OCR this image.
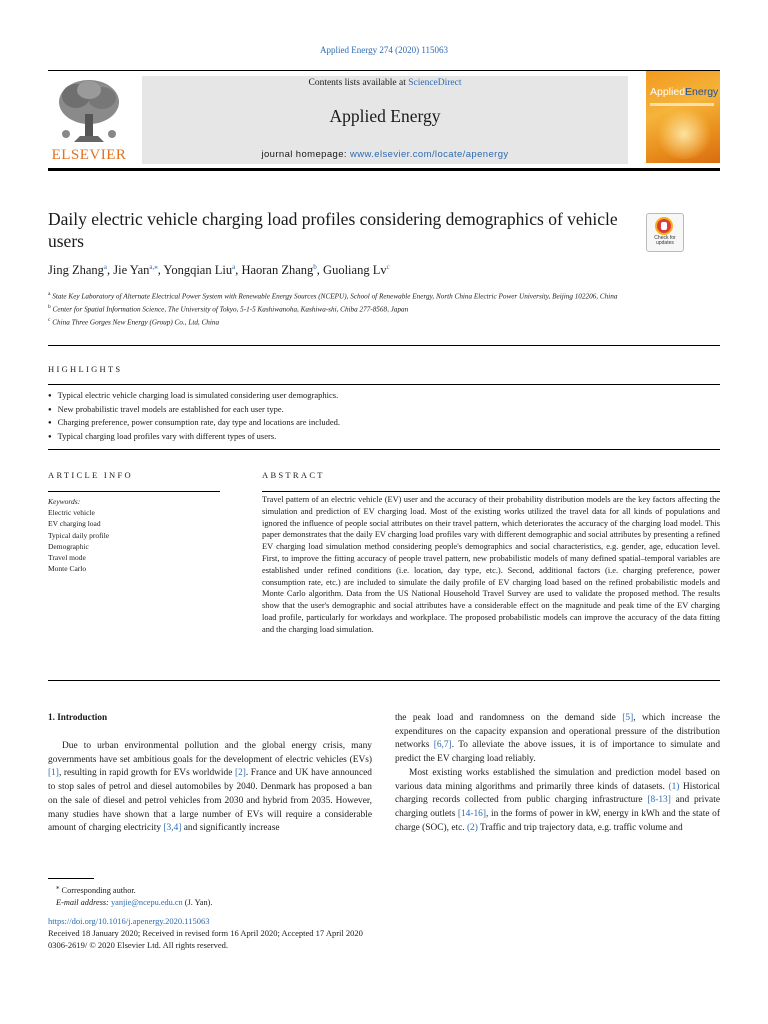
Applied Energy 274 (2020) 115063
ELSEVIER
Contents lists available at ScienceDirect
Applied Energy
journal homepage: www.elsevier.com/locate/apenergy
AppliedEnergy
Daily electric vehicle charging load profiles considering demographics of vehicle users	Check for
updates
Jing Zhang$^a$, Jie Yan$^{a,⁎}$, Yongqian Liu$^a$, Haoran Zhang$^b$, Guoliang Lv$^c$
$^a$ State Key Laboratory of Alternate Electrical Power System with Renewable Energy Sources (NCEPU), School of Renewable Energy, North China Electric Power University, Beijing 102206, China
$^b$ Center for Spatial Information Science, The University of Tokyo, 5-1-5 Kashiwanoha, Kashiwa-shi, Chiba 277-8568, Japan
$^c$ China Three Gorges New Energy (Group) Co., Ltd, China
HIGHLIGHTS
● Typical electric vehicle charging load is simulated considering user demographics.
● New probabilistic travel models are established for each user type.
● Charging preference, power consumption rate, day type and locations are included.
● Typical charging load profiles vary with different types of users.
ARTICLE INFO	ABSTRACT
Keywords:
Electric vehicle
EV charging load
Typical daily profile
Demographic
Travel mode
Monte Carlo
Travel pattern of an electric vehicle (EV) user and the accuracy of their probability distribution models are the key factors affecting the simulation and prediction of EV charging load. Most of the existing works utilized the travel data for all kinds of populations and ignored the influence of people social attributes on their travel pattern, which deteriorates the accuracy of the charging load model. This paper demonstrates that the daily EV charging load profiles vary with different demographic and social attributes by presenting a refined EV charging load simulation method considering people's demographics and social characteristics, e.g. gender, age, education level. First, to improve the fitting accuracy of people travel pattern, new probabilistic models of many defined spatial–temporal variables are established under refined conditions (i.e. location, day type, etc.). Second, additional factors (i.e. charging preference, power consumption rate, etc.) are included to simulate the daily profile of EV charging load based on the refined probabilistic models and Monte Carlo algorithm. Data from the US National Household Travel Survey are used to validate the proposed method. The results show that the user's demographic and social attributes have a considerable effect on the magnitude and peak time of the EV charging load profile, particularly for workdays and workplace. The proposed probabilistic models can improve the accuracy of the data fitting and the charging load simulation.
1. Introduction

Due to urban environmental pollution and the global energy crisis, many governments have set ambitious goals for the development of electric vehicles (EVs) [1], resulting in rapid growth for EVs worldwide [2]. France and UK have announced to stop sales of petrol and diesel automobiles by 2040. Denmark has proposed a ban on the sale of diesel and petrol vehicles from 2030 and hybrid from 2035. However, many studies have shown that a large number of EVs will require a considerable amount of charging electricity [3,4] and significantly increase

the peak load and randomness on the demand side [5], which increase the expenditures on the capacity expansion and operational pressure of the distribution networks [6,7]. To alleviate the above issues, it is of importance to simulate and predict the EV charging load reliably.

Most existing works established the simulation and prediction model based on various data mining algorithms and primarily three kinds of datasets. (1) Historical charging records collected from public charging infrastructure [8-13] and private charging outlets [14-16], in the forms of power in kW, energy in kWh and the state of charge (SOC), etc. (2) Traffic and trip trajectory data, e.g. traffic volume and

⁎ Corresponding author.
E-mail address: yanjie@ncepu.edu.cn (J. Yan).
https://doi.org/10.1016/j.apenergy.2020.115063
Received 18 January 2020; Received in revised form 16 April 2020; Accepted 17 April 2020
0306-2619/ © 2020 Elsevier Ltd. All rights reserved.
